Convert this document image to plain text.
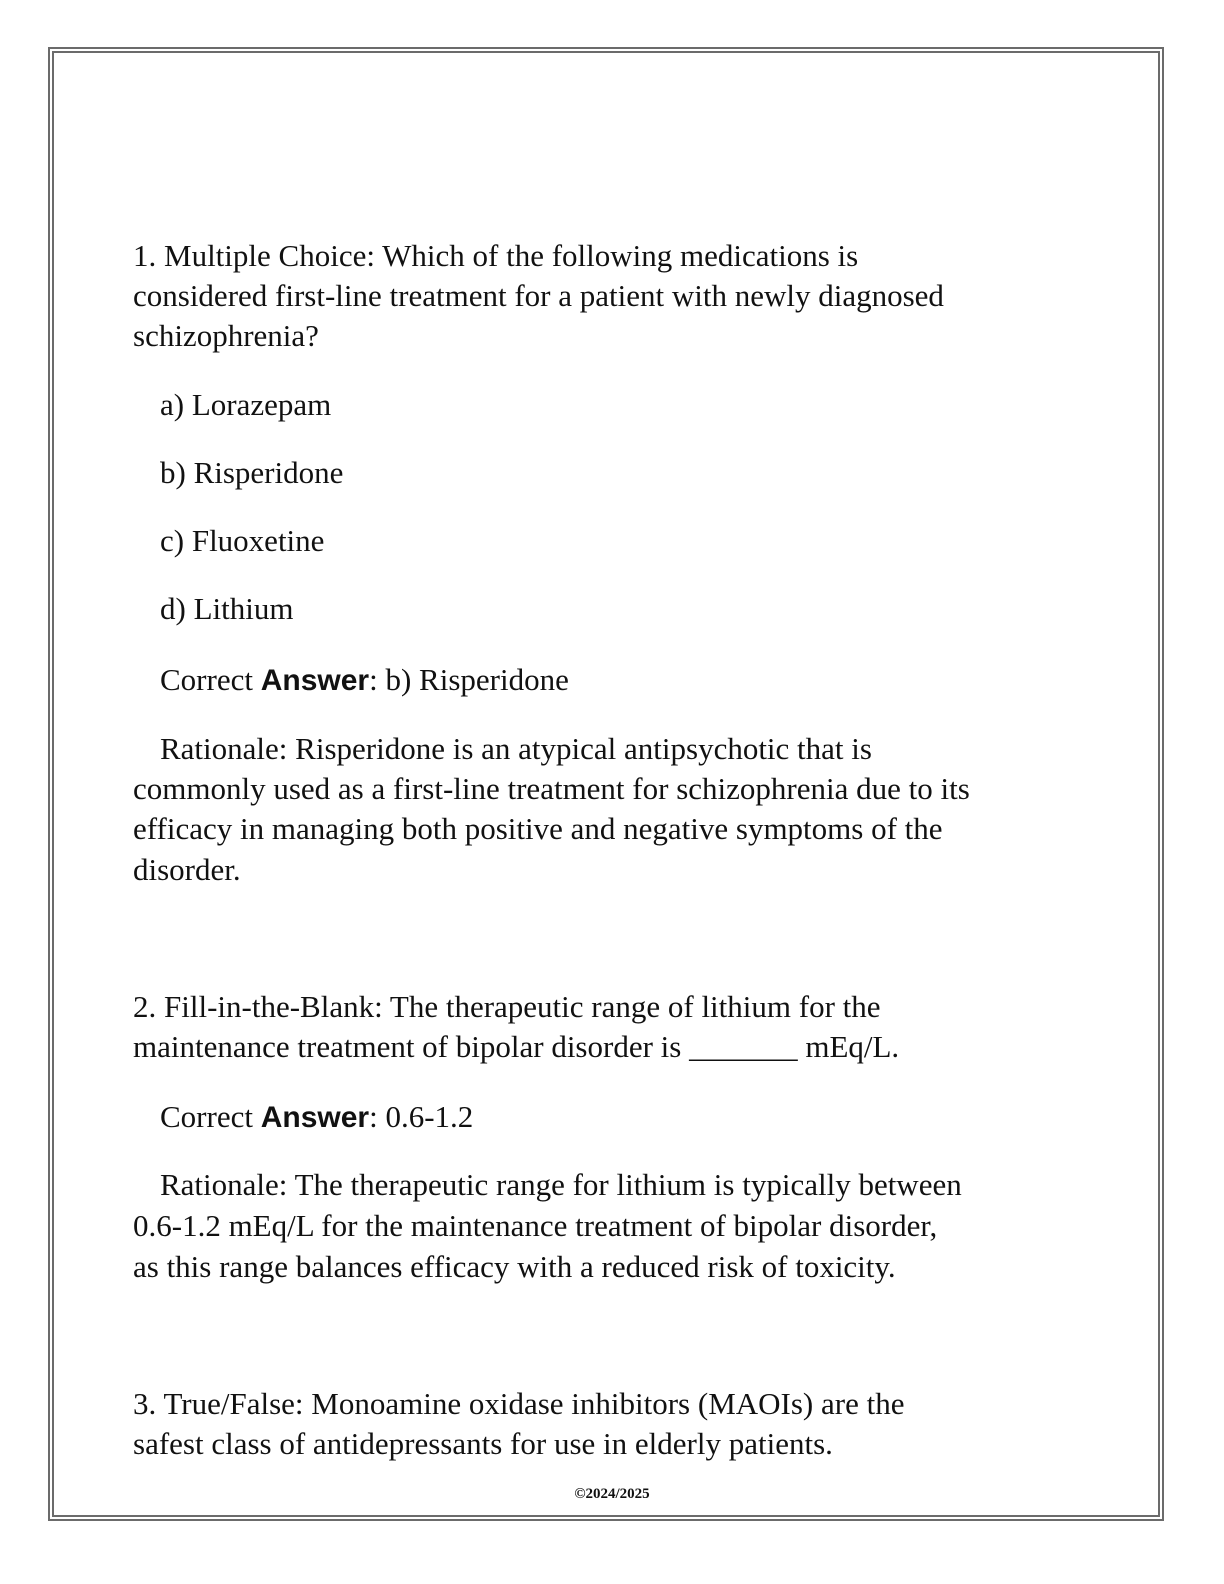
1. Multiple Choice: Which of the following medications is
considered first-line treatment for a patient with newly diagnosed
schizophrenia?
a) Lorazepam
b) Risperidone
c) Fluoxetine
d) Lithium
Correct Answer: b) Risperidone
Rationale: Risperidone is an atypical antipsychotic that is
commonly used as a first-line treatment for schizophrenia due to its
efficacy in managing both positive and negative symptoms of the
disorder.
2. Fill-in-the-Blank: The therapeutic range of lithium for the
maintenance treatment of bipolar disorder is _______ mEq/L.
Correct Answer: 0.6-1.2
Rationale: The therapeutic range for lithium is typically between
0.6-1.2 mEq/L for the maintenance treatment of bipolar disorder,
as this range balances efficacy with a reduced risk of toxicity.
3. True/False: Monoamine oxidase inhibitors (MAOIs) are the
safest class of antidepressants for use in elderly patients.
©2024/2025
